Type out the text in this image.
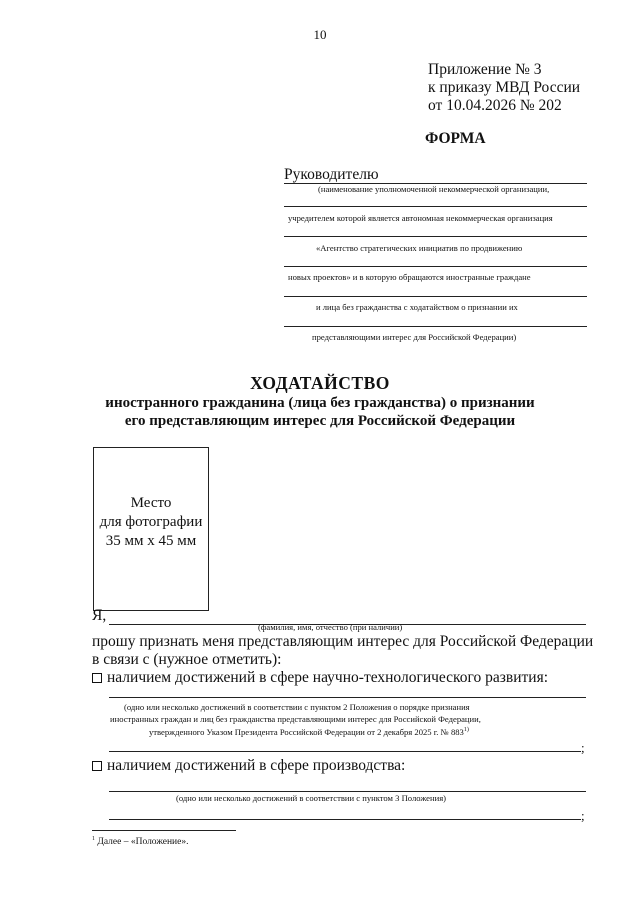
10
Приложение № 3
к приказу МВД России
от 10.04.2026 № 202
ФОРМА
Руководителю
(наименование уполномоченной некоммерческой организации,
учредителем которой является автономная некоммерческая организация
«Агентство стратегических инициатив по продвижению
новых проектов» и в которую обращаются иностранные граждане
и лица без гражданства с ходатайством о признании их
представляющими интерес для Российской Федерации)
ХОДАТАЙСТВО
иностранного гражданина (лица без гражданства) о признании
его представляющим интерес для Российской Федерации
Место
для фотографии
35 мм x 45 мм
Я,
(фамилия, имя, отчество (при наличии)
прошу признать меня представляющим интерес для Российской Федерации
в связи с (нужное отметить):
наличием достижений в сфере научно-технологического развития:
(одно или несколько достижений в соответствии с пунктом 2 Положения о порядке признания
иностранных граждан и лиц без гражданства представляющими интерес для Российской Федерации,
утвержденного Указом Президента Российской Федерации от 2 декабря 2025 г. № 883$^{1)}$
;
наличием достижений в сфере производства:
(одно или несколько достижений в соответствии с пунктом 3 Положения)
;
$^1$ Далее – «Положение».
